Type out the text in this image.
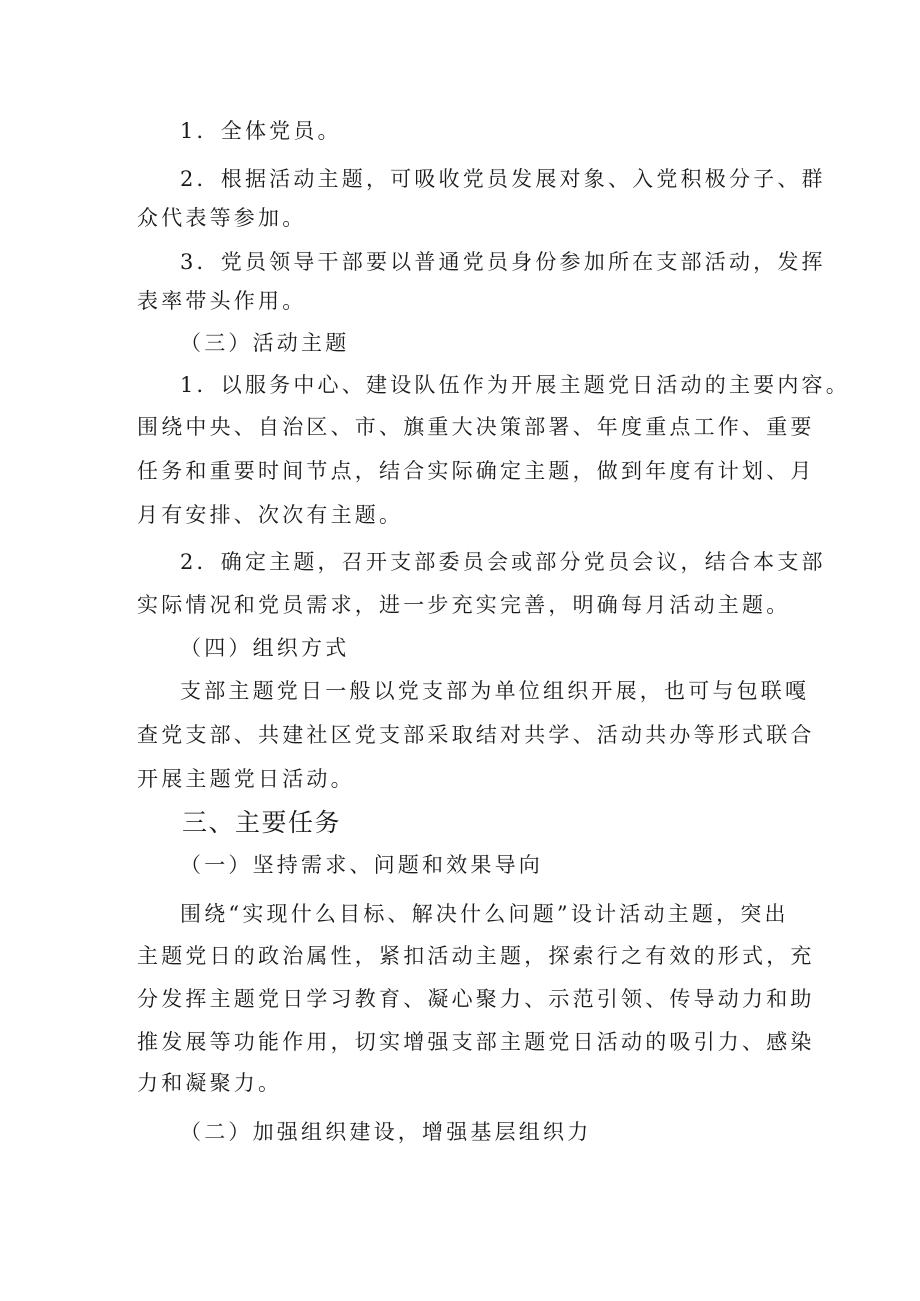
1．全体党员。
2．根据活动主题，可吸收党员发展对象、入党积极分子、群
众代表等参加。
3．党员领导干部要以普通党员身份参加所在支部活动，发挥
表率带头作用。
（三）活动主题
1．以服务中心、建设队伍作为开展主题党日活动的主要内容。
围绕中央、自治区、市、旗重大决策部署、年度重点工作、重要
任务和重要时间节点，结合实际确定主题，做到年度有计划、月
月有安排、次次有主题。
2．确定主题，召开支部委员会或部分党员会议，结合本支部
实际情况和党员需求，进一步充实完善，明确每月活动主题。
（四）组织方式
支部主题党日一般以党支部为单位组织开展，也可与包联嘎
查党支部、共建社区党支部采取结对共学、活动共办等形式联合
开展主题党日活动。
三、主要任务
（一）坚持需求、问题和效果导向
围绕“实现什么目标、解决什么问题”设计活动主题，突出
主题党日的政治属性，紧扣活动主题，探索行之有效的形式，充
分发挥主题党日学习教育、凝心聚力、示范引领、传导动力和助
推发展等功能作用，切实增强支部主题党日活动的吸引力、感染
力和凝聚力。
（二）加强组织建设，增强基层组织力
